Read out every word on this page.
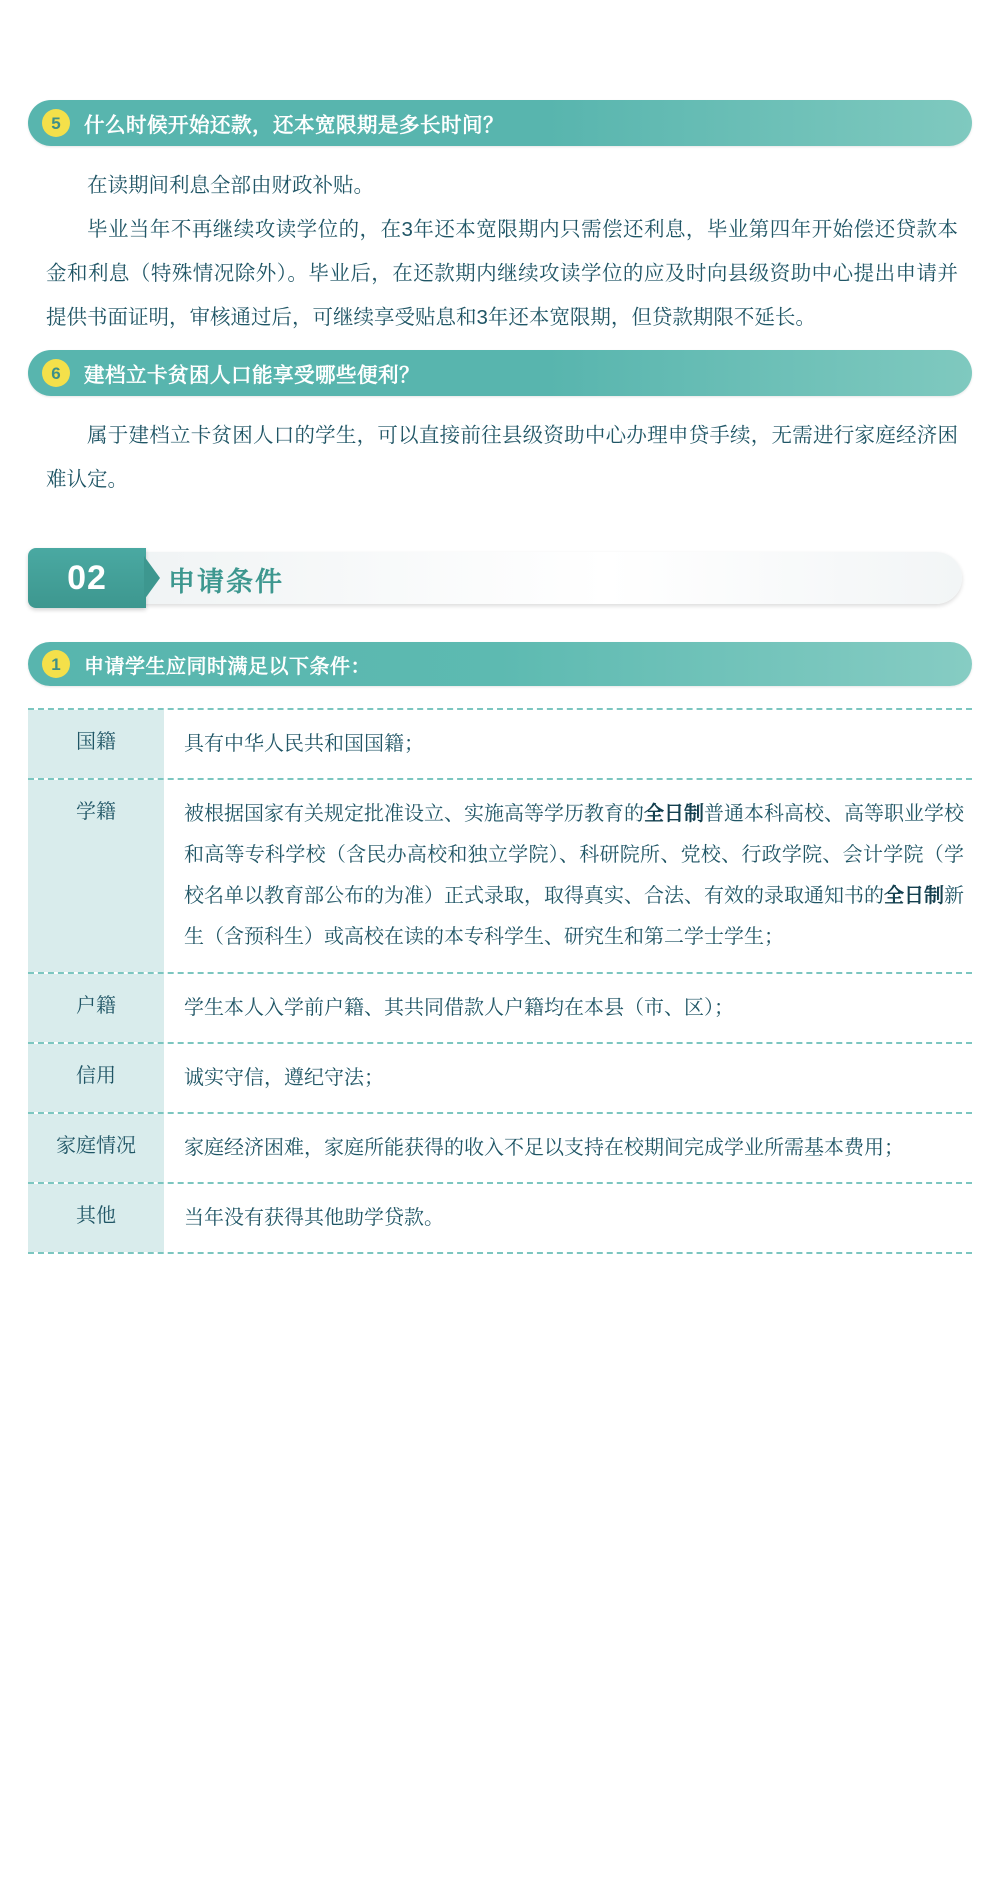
5	什么时候开始还款，还本宽限期是多长时间？

在读期间利息全部由财政补贴。

毕业当年不再继续攻读学位的，在3年还本宽限期内只需偿还利息，毕业第四年开始偿还贷款本金和利息（特殊情况除外）。毕业后，在还款期内继续攻读学位的应及时向县级资助中心提出申请并提供书面证明，审核通过后，可继续享受贴息和3年还本宽限期，但贷款期限不延长。

6	建档立卡贫困人口能享受哪些便利？

属于建档立卡贫困人口的学生，可以直接前往县级资助中心办理申贷手续，无需进行家庭经济困难认定。

02 申请条件
1	申请学生应同时满足以下条件：
国籍	具有中华人民共和国国籍；
学籍	被根据国家有关规定批准设立、实施高等学历教育的全日制普通本科高校、高等职业学校和高等专科学校（含民办高校和独立学院）、科研院所、党校、行政学院、会计学院（学校名单以教育部公布的为准）正式录取，取得真实、合法、有效的录取通知书的全日制新生（含预科生）或高校在读的本专科学生、研究生和第二学士学生；
户籍	学生本人入学前户籍、其共同借款人户籍均在本县（市、区）；
信用	诚实守信，遵纪守法；
家庭情况	家庭经济困难，家庭所能获得的收入不足以支持在校期间完成学业所需基本费用；
其他	当年没有获得其他助学贷款。
